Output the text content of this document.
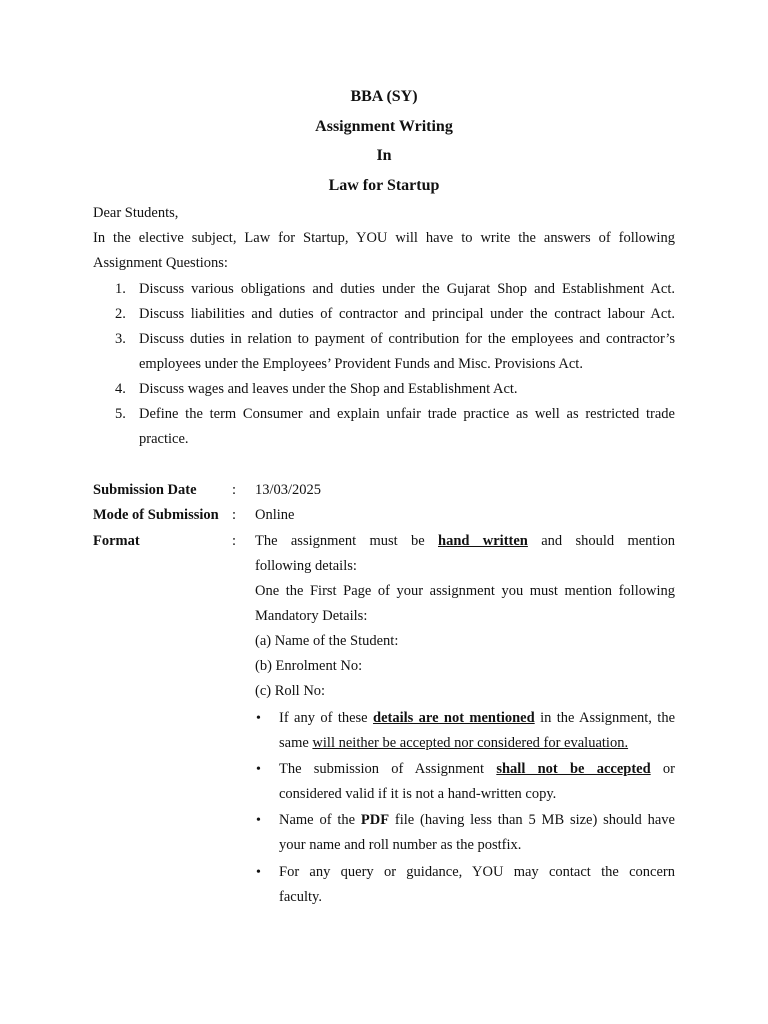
BBA (SY)
Assignment Writing
In
Law for Startup
Dear Students,
In the elective subject, Law for Startup, YOU will have to write the answers of following
Assignment Questions:
1. Discuss various obligations and duties under the Gujarat Shop and Establishment Act.
2. Discuss liabilities and duties of contractor and principal under the contract labour Act.
3. Discuss duties in relation to payment of contribution for the employees and contractor’s
employees under the Employees’ Provident Funds and Misc. Provisions Act.
4. Discuss wages and leaves under the Shop and Establishment Act.
5. Define the term Consumer and explain unfair trade practice as well as restricted trade
practice.
Submission Date : 13/03/2025
Mode of Submission : Online
Format	: The assignment must be hand written and should mention
following details:
One the First Page of your assignment you must mention following
Mandatory Details:
(a) Name of the Student:
(b) Enrolment No:
(c) Roll No:
• If any of these details are not mentioned in the Assignment, the
same will neither be accepted nor considered for evaluation.
• The submission of Assignment shall not be accepted or
considered valid if it is not a hand-written copy.
• Name of the PDF file (having less than 5 MB size) should have
your name and roll number as the postfix.
• For any query or guidance, YOU may contact the concern
faculty.
